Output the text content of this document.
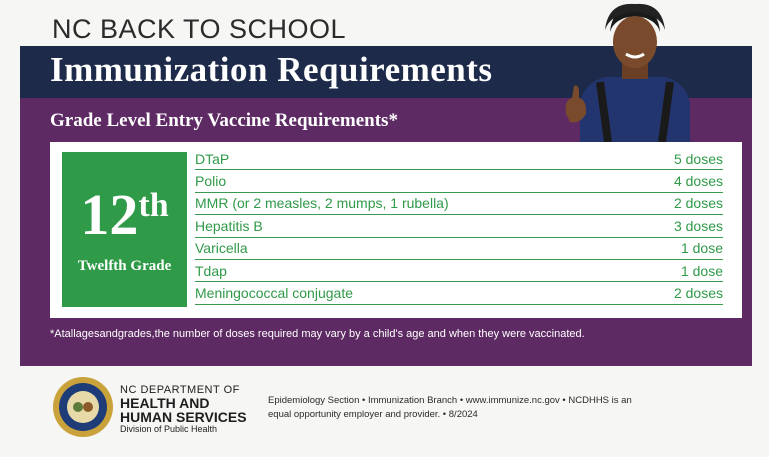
NC BACK TO SCHOOL
Immunization Requirements
Grade Level Entry Vaccine Requirements*
12th
Twelfth Grade
DTaP	5 doses
Polio	4 doses
MMR (or 2 measles, 2 mumps, 1 rubella)	2 doses
Hepatitis B	3 doses
Varicella	1 dose
Tdap	1 dose
Meningococcal conjugate	2 doses
*Atallagesandgrades,the number of doses required may vary by a child's age and when they were vaccinated.
NC DEPARTMENT OF
HEALTH AND
HUMAN SERVICES
Division of Public Health
Epidemiology Section • Immunization Branch • www.immunize.nc.gov • NCDHHS is an
equal opportunity employer and provider. • 8/2024
